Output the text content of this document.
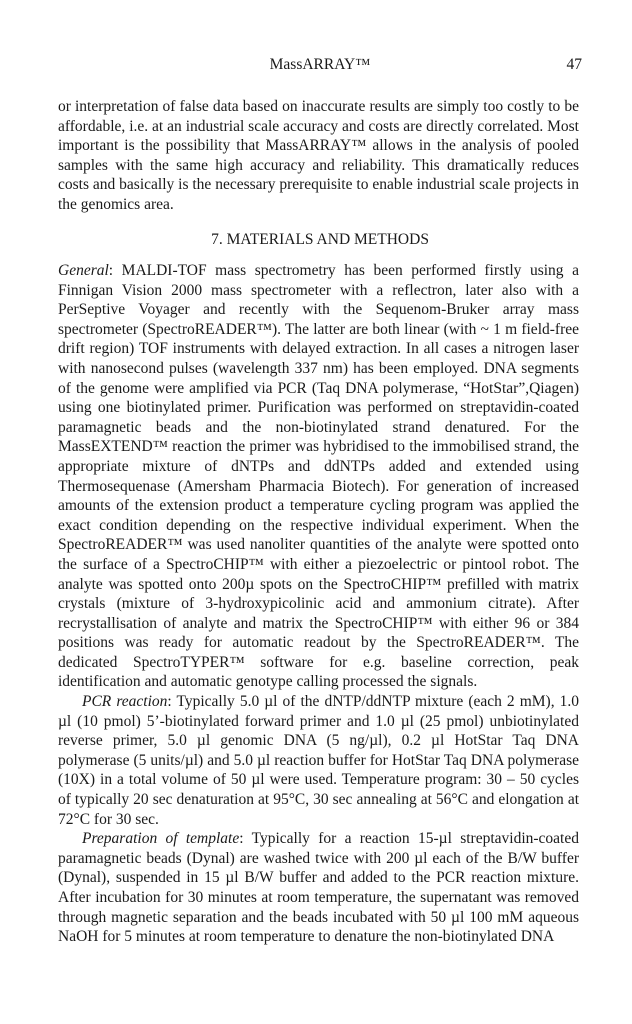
MassARRAY™	47

or interpretation of false data based on inaccurate results are simply too costly to be affordable, i.e. at an industrial scale accuracy and costs are directly correlated. Most important is the possibility that MassARRAY™ allows in the analysis of pooled samples with the same high accuracy and reliability. This dramatically reduces costs and basically is the necessary prerequisite to enable industrial scale projects in the genomics area.

7. MATERIALS AND METHODS

General: MALDI-TOF mass spectrometry has been performed firstly using a Finnigan Vision 2000 mass spectrometer with a reflectron, later also with a PerSeptive Voyager and recently with the Sequenom-Bruker array mass spectrometer (SpectroREADER™). The latter are both linear (with ~ 1 m field-free drift region) TOF instruments with delayed extraction. In all cases a nitrogen laser with nanosecond pulses (wavelength 337 nm) has been employed. DNA segments of the genome were amplified via PCR (Taq DNA polymerase, “HotStar”,Qiagen) using one biotinylated primer. Purification was performed on streptavidin-coated paramagnetic beads and the non-biotinylated strand denatured. For the MassEXTEND™ reaction the primer was hybridised to the immobilised strand, the appropriate mixture of dNTPs and ddNTPs added and extended using Thermosequenase (Amersham Pharmacia Biotech). For generation of increased amounts of the extension product a temperature cycling program was applied the exact condition depending on the respective individual experiment. When the SpectroREADER™ was used nanoliter quantities of the analyte were spotted onto the surface of a SpectroCHIP™ with either a piezoelectric or pintool robot. The analyte was spotted onto 200µ spots on the SpectroCHIP™ prefilled with matrix crystals (mixture of 3-hydroxypicolinic acid and ammonium citrate). After recrystallisation of analyte and matrix the SpectroCHIP™ with either 96 or 384 positions was ready for automatic readout by the SpectroREADER™. The dedicated SpectroTYPER™ software for e.g. baseline correction, peak identification and automatic genotype calling processed the signals.

PCR reaction: Typically 5.0 µl of the dNTP/ddNTP mixture (each 2 mM), 1.0 µl (10 pmol) 5’-biotinylated forward primer and 1.0 µl (25 pmol) unbiotinylated reverse primer, 5.0 µl genomic DNA (5 ng/µl), 0.2 µl HotStar Taq DNA polymerase (5 units/µl) and 5.0 µl reaction buffer for HotStar Taq DNA polymerase (10X) in a total volume of 50 µl were used. Temperature program: 30 – 50 cycles of typically 20 sec denaturation at 95°C, 30 sec annealing at 56°C and elongation at 72°C for 30 sec.

Preparation of template: Typically for a reaction 15-µl streptavidin-coated paramagnetic beads (Dynal) are washed twice with 200 µl each of the B/W buffer (Dynal), suspended in 15 µl B/W buffer and added to the PCR reaction mixture. After incubation for 30 minutes at room temperature, the supernatant was removed through magnetic separation and the beads incubated with 50 µl 100 mM aqueous NaOH for 5 minutes at room temperature to denature the non-biotinylated DNA
